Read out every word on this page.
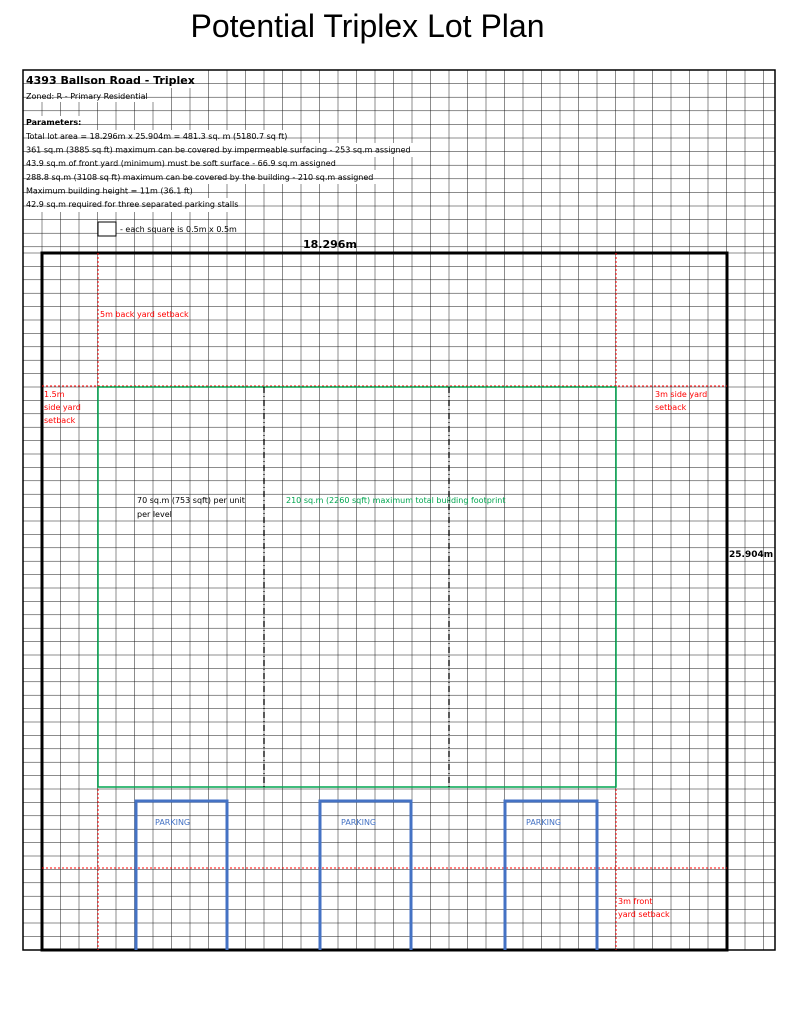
Potential Triplex Lot Plan
4393 Ballson Road - Triplex
Zoned: R - Primary Residential
Parameters:
Total lot area = 18.296m x 25.904m = 481.3 sq. m (5180.7 sq ft)
361 sq.m (3885 sq ft) maximum can be covered by impermeable surfacing - 253 sq.m assigned
43.9 sq.m of front yard (minimum) must be soft surface - 66.9 sq.m assigned
288.8 sq.m (3108 sq ft) maximum can be covered by the building - 210 sq.m assigned
Maximum building height = 11m (36.1 ft)
42.9 sq.m required for three separated parking stalls
- each square is 0.5m x 0.5m
18.296m
25.904m
PARKING	PARKING	PARKING
5m back yard setback
1.5m
side yard
setback
3m side yard
setback
3m front
yard setback
70 sq.m (753 sqft) per unit
per level
210 sq.m (2260 sqft) maximum total building footprint
